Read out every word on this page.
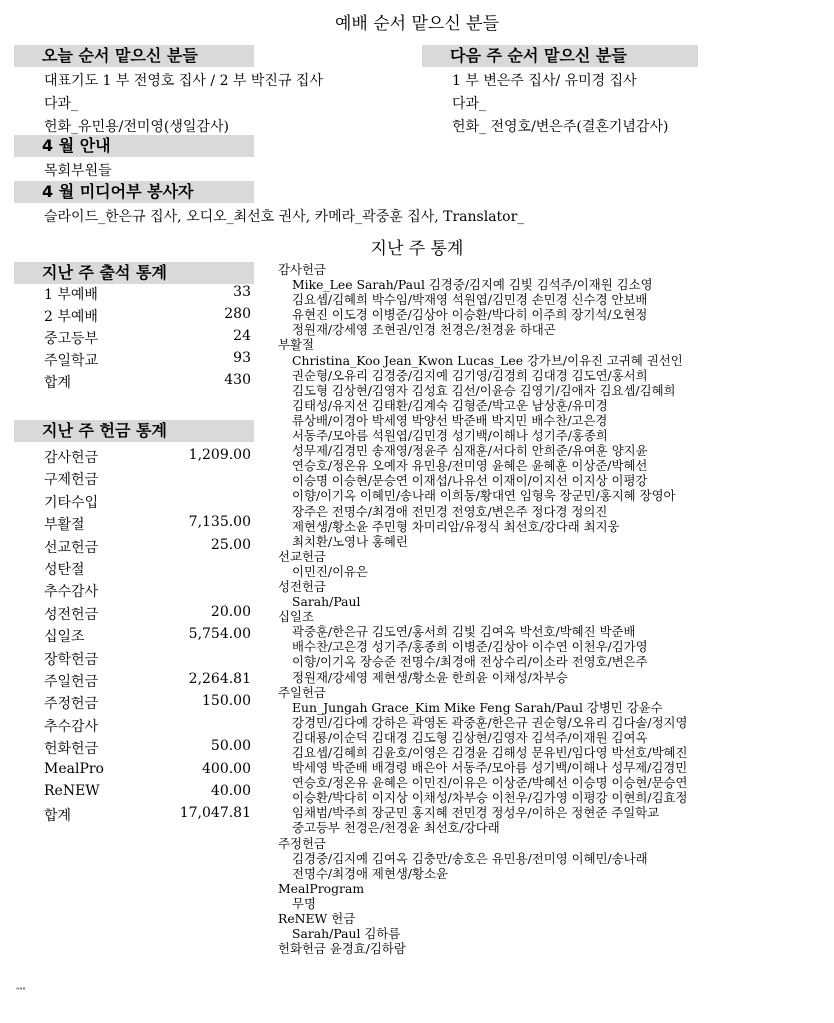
예배 순서 맡으신 분들
오늘 순서 맡으신 분들
대표기도 1 부 전영호 집사 / 2 부 박진규 집사
다과_
헌화_유민용/전미영(생일감사)
다음 주 순서 맡으신 분들
1 부 변은주 집사/ 유미경 집사
다과_
헌화_ 전영호/변은주(결혼기념감사)
4 월 안내
목회부원들
4 월 미디어부 봉사자
슬라이드_한은규 집사, 오디오_최선호 권사, 카메라_곽중훈 집사, Translator_
지난 주 통계
지난 주 출석 통계
1 부예배	33
2 부예배	280
중고등부	24
주일학교	93
합계	430
지난 주 헌금 통계
감사헌금	1,209.00
구제헌금
기타수입
부활절	7,135.00
선교헌금	25.00
성탄절
추수감사
성전헌금	20.00
십일조	5,754.00
장학헌금
주일헌금	2,264.81
주정헌금	150.00
추수감사
헌화헌금	50.00
MealPro	400.00
ReNEW	40.00
합계	17,047.81
감사헌금
Mike_Lee Sarah/Paul 김경중/김지예 김빛 김석주/이재원 김소영
김요셉/김혜희 박수임/박재영 석원엽/김민경 손민경 신수경 안보배
유현진 이도경 이병준/김상아 이승환/박다히 이주희 장기석/오현정
정원재/강세영 조현권/인경 천경은/천경윤 하대곤
부활절
Christina_Koo Jean_Kwon Lucas_Lee 강가브/이유진 고귀혜 권선인
권순형/오유리 김경중/김지예 김기영/김경희 김대경 김도연/홍서희
김도형 김상현/김영자 김성효 김선/이윤승 김영기/김애자 김요셉/김혜희
김태성/유지선 김태환/김계숙 김형준/박고운 남상훈/유미경
류상배/이경아 박세영 박양선 박준배 박지민 배수찬/고은경
서동주/모아름 석원엽/김민경 성기백/이해나 성기주/홍종희
성무제/김경민 송재영/정윤주 심재훈/서다히 안희준/유여훈 양지윤
연승호/정온유 오예자 유민용/전미영 윤혜은 윤혜훈 이상준/박혜선
이승명 이승현/문승연 이재섭/나유선 이재이/이지선 이지상 이평강
이향/이기옥 이혜민/송나래 이희동/황대연 임형욱 장군민/홍지혜 장영아
장주은 전명수/최경애 전민경 전영호/변은주 정다경 정의진
제현생/황소윤 주민형 차미리암/유정식 최선호/강다래 최지웅
최치환/노영나 홍혜린
선교헌금
이민진/이유은
성전헌금
Sarah/Paul
십일조
곽중훈/한은규 김도연/홍서희 김빛 김여옥 박선호/박혜진 박준배
배수찬/고은경 성기주/홍종희 이병준/김상아 이수연 이천우/김가영
이향/이기옥 장승준 전명수/최경애 전상수리/이소라 전영호/변은주
정원재/강세영 제현생/황소윤 한희윤 이채성/차부승
주일헌금
Eun_Jungah Grace_Kim Mike Feng Sarah/Paul 강병민 강윤수
강경민/김다예 강하은 곽영돈 곽중훈/한은규 권순형/오유리 김다솔/정지영
김대룡/이순덕 김대경 김도형 김상현/김영자 김석주/이재원 김여옥
김요셉/김혜희 김윤호/이영은 김경윤 김해성 문유빈/임다영 박선호/박혜진
박세영 박준배 배경령 배은아 서동주/모아름 성기백/이해나 성무제/김경민
연승호/정온유 윤혜은 이민진/이유은 이상준/박혜선 이승명 이승현/문승연
이승환/박다히 이지상 이채성/차부승 이천우/김가영 이평강 이현희/김효정
임채범/박주희 장군민 홍지혜 전민경 정성우/이하은 정현준 주일학교
중고등부 천경은/천경윤 최선호/강다래
주정헌금
김경중/김지예 김여옥 김충만/송호은 유민용/전미영 이혜민/송나래
전명수/최경애 제현생/황소윤
MealProgram
무명
ReNEW 헌금
Sarah/Paul 김하름
헌화헌금 윤경효/김하람
"""
